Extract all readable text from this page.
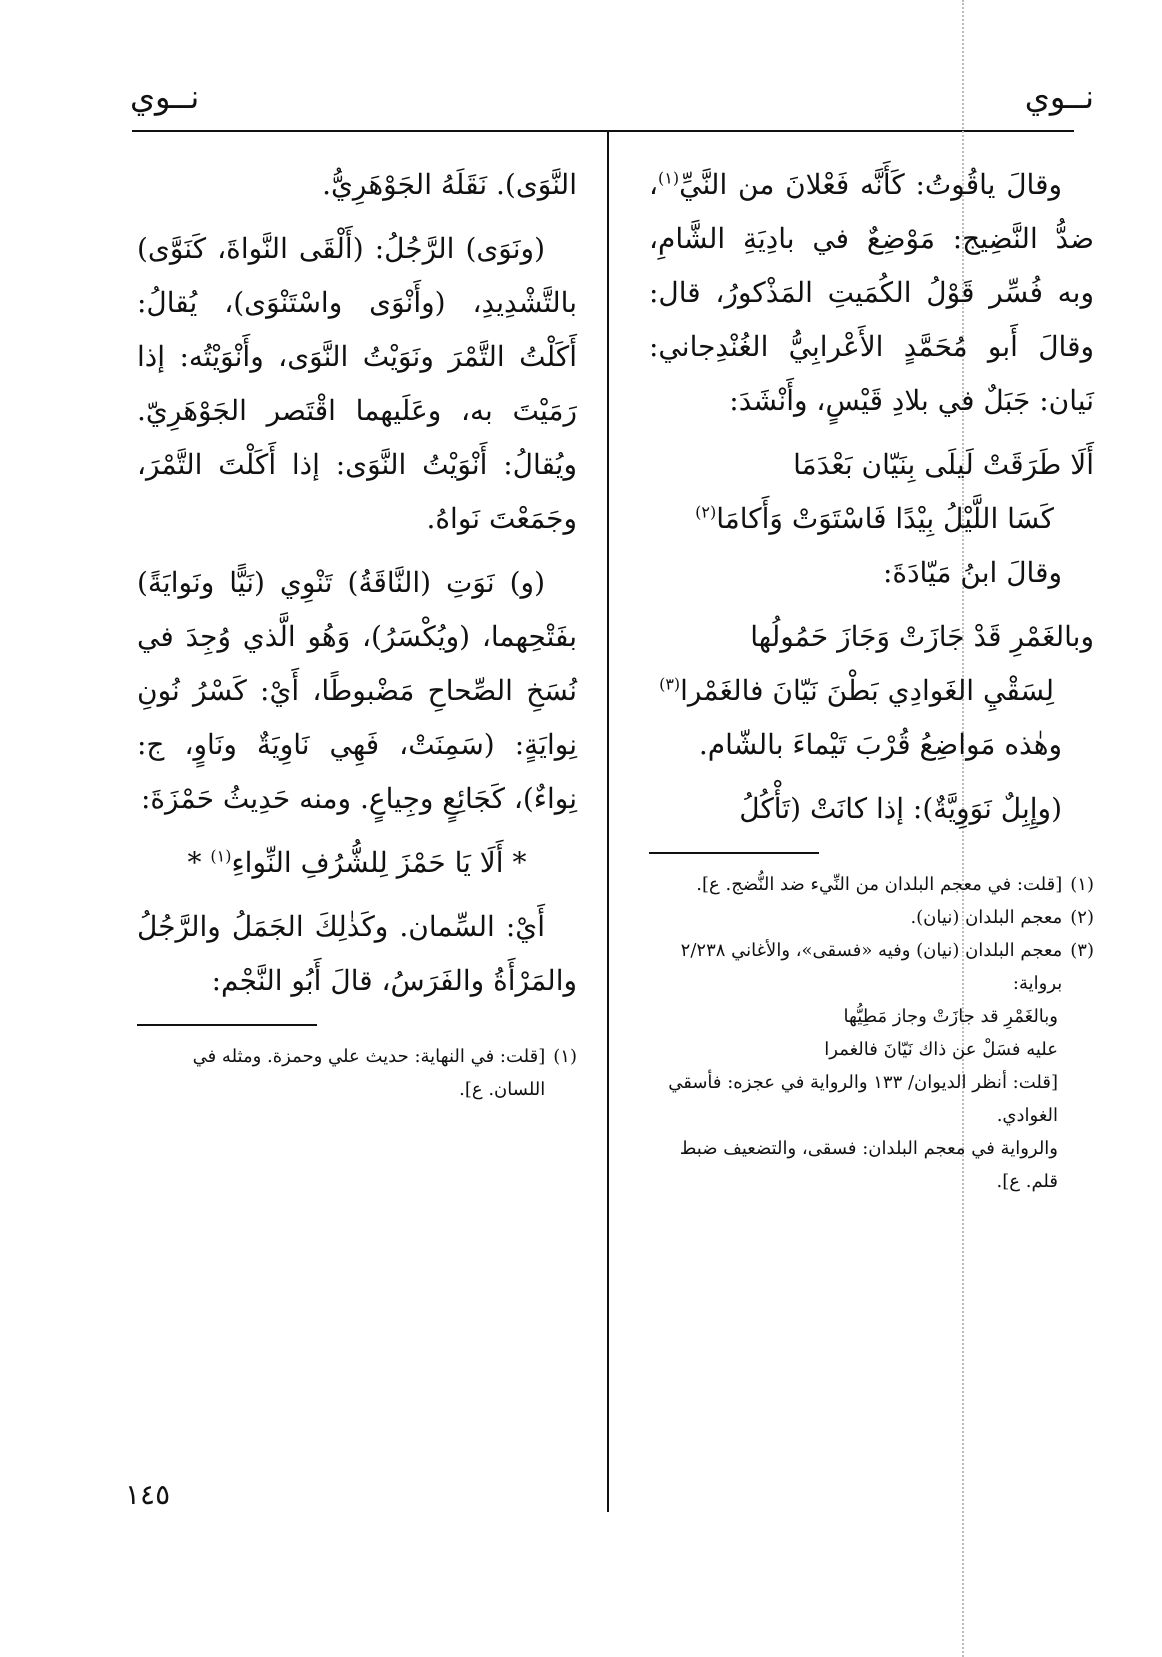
نــوي
نــوي

وقالَ ياقُوتُ: كَأَنَّه فَعْلانَ من النَّيِّ$^{(١)}$، ضدُّ النَّضِيج: مَوْضِعٌ في بادِيَةِ الشَّامِ، وبه فُسِّر قَوْلُ الكُمَيتِ المَذْكورُ، قال: وقالَ أَبو مُحَمَّدٍ الأَعْرابِيُّ الغُنْدِجاني: نَيان: جَبَلٌ في بلادِ قَيْسٍ، وأَنْشَدَ:

أَلَا طَرَقَتْ لَيلَى بِنَيّان بَعْدَمَا
كَسَا اللَّيْلُ بِيْدًا فَاسْتَوَتْ وَأَكامَا$^{(٢)}$

وقالَ ابنُ مَيّادَةَ:

وبالغَمْرِ قَدْ جَازَتْ وَجَازَ حَمُولُها
لِسَقْيِ الغَوادِي بَطْنَ نَيّانَ فالغَمْرا$^{(٣)}$

وهٰذه مَواضِعُ قُرْبَ تَيْماءَ بالشّام.

(وإِبِلٌ نَوَوِيَّةٌ): إذا كانَتْ (تَأْكُلُ

(١)
[قلت: في معجم البلدان من النِّيء ضد النُّضج. ع].
(٢)
معجم البلدان (نيان).
(٣)
معجم البلدان (نيان) وفيه «فسقى»، والأغاني ٢/٢٣٨ برواية:
وبالغَمْرِ قد جازَتْ وجاز مَطِيُّها
عليه فسَلْ عن ذاك نَيّانَ فالغمرا
[قلت: أنظر الديوان/ ١٣٣ والرواية في عجزه: فأسقي الغوادي.
والرواية في معجم البلدان: فسقى، والتضعيف ضبط قلم. ع].

النَّوَى). نَقَلَهُ الجَوْهَرِيُّ.

(ونَوَى) الرَّجُلُ: (أَلْقَى النَّواةَ، كَنَوَّى) بالتَّشْدِيدِ، (وأَنْوَى واسْتَنْوَى)، يُقالُ: أَكَلْتُ التَّمْرَ ونَوَيْتُ النَّوَى، وأَنْوَيْتُه: إذا رَمَيْتَ به، وعَلَيهما اقْتَصر الجَوْهَرِيّ. ويُقالُ: أَنْوَيْتُ النَّوَى: إذا أَكَلْتَ التَّمْرَ، وجَمَعْتَ نَواهُ.

(و) نَوَتِ (النَّاقَةُ) تَنْوِي (نَيًّا ونَوايَةً) بفَتْحِهما، (ويُكْسَرُ)، وَهُو الَّذي وُجِدَ في نُسَخِ الصِّحاحِ مَضْبوطًا، أَيْ: كَسْرُ نُونِ نِوايَةٍ: (سَمِنَتْ، فَهِي نَاوِيَةٌ ونَاوٍ، ج: نِواءٌ)، كَجَائِعٍ وجِياعٍ. ومنه حَدِيثُ حَمْزَةَ:

* أَلَا يَا حَمْزَ لِلشُّرُفِ النِّواءِ$^{(١)}$ *

أَيْ: السِّمان. وكَذٰلِكَ الجَمَلُ والرَّجُلُ والمَرْأَةُ والفَرَسُ، قالَ أَبُو النَّجْم:

(١)
[قلت: في النهاية: حديث علي وحمزة. ومثله في اللسان. ع].
١٤٥
